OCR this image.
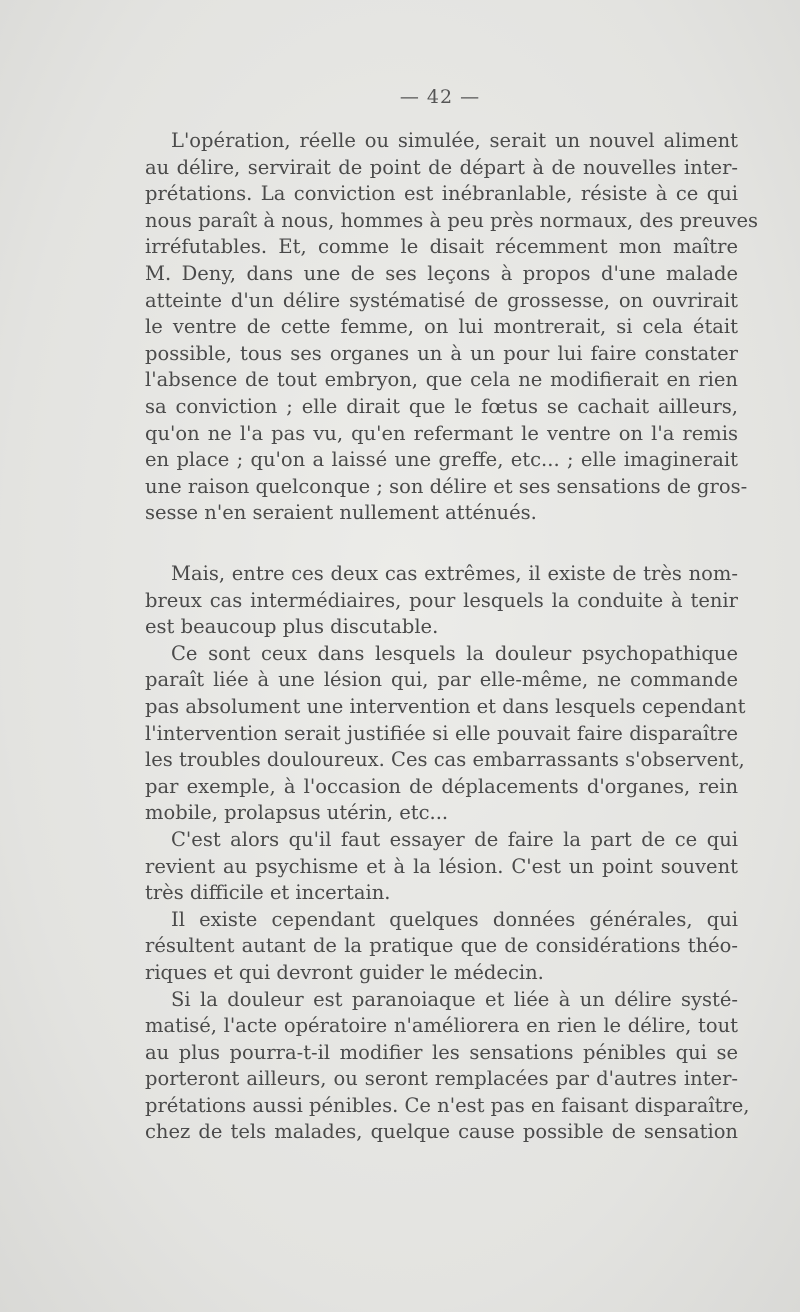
— 42 —
L'opération, réelle ou simulée, serait un nouvel aliment
au délire, servirait de point de départ à de nouvelles inter-
prétations. La conviction est inébranlable, résiste à ce qui
nous paraît à nous, hommes à peu près normaux, des preuves
irréfutables. Et, comme le disait récemment mon maître
M. Deny, dans une de ses leçons à propos d'une malade
atteinte d'un délire systématisé de grossesse, on ouvrirait
le ventre de cette femme, on lui montrerait, si cela était
possible, tous ses organes un à un pour lui faire constater
l'absence de tout embryon, que cela ne modifierait en rien
sa conviction ; elle dirait que le fœtus se cachait ailleurs,
qu'on ne l'a pas vu, qu'en refermant le ventre on l'a remis
en place ; qu'on a laissé une greffe, etc... ; elle imaginerait
une raison quelconque ; son délire et ses sensations de gros-
sesse n'en seraient nullement atténués.
Mais, entre ces deux cas extrêmes, il existe de très nom-
breux cas intermédiaires, pour lesquels la conduite à tenir
est beaucoup plus discutable.
Ce sont ceux dans lesquels la douleur psychopathique
paraît liée à une lésion qui, par elle-même, ne commande
pas absolument une intervention et dans lesquels cependant
l'intervention serait justifiée si elle pouvait faire disparaître
les troubles douloureux. Ces cas embarrassants s'observent,
par exemple, à l'occasion de déplacements d'organes, rein
mobile, prolapsus utérin, etc...
C'est alors qu'il faut essayer de faire la part de ce qui
revient au psychisme et à la lésion. C'est un point souvent
très difficile et incertain.
Il existe cependant quelques données générales, qui
résultent autant de la pratique que de considérations théo-
riques et qui devront guider le médecin.
Si la douleur est paranoiaque et liée à un délire systé-
matisé, l'acte opératoire n'améliorera en rien le délire, tout
au plus pourra-t-il modifier les sensations pénibles qui se
porteront ailleurs, ou seront remplacées par d'autres inter-
prétations aussi pénibles. Ce n'est pas en faisant disparaître,
chez de tels malades, quelque cause possible de sensation
